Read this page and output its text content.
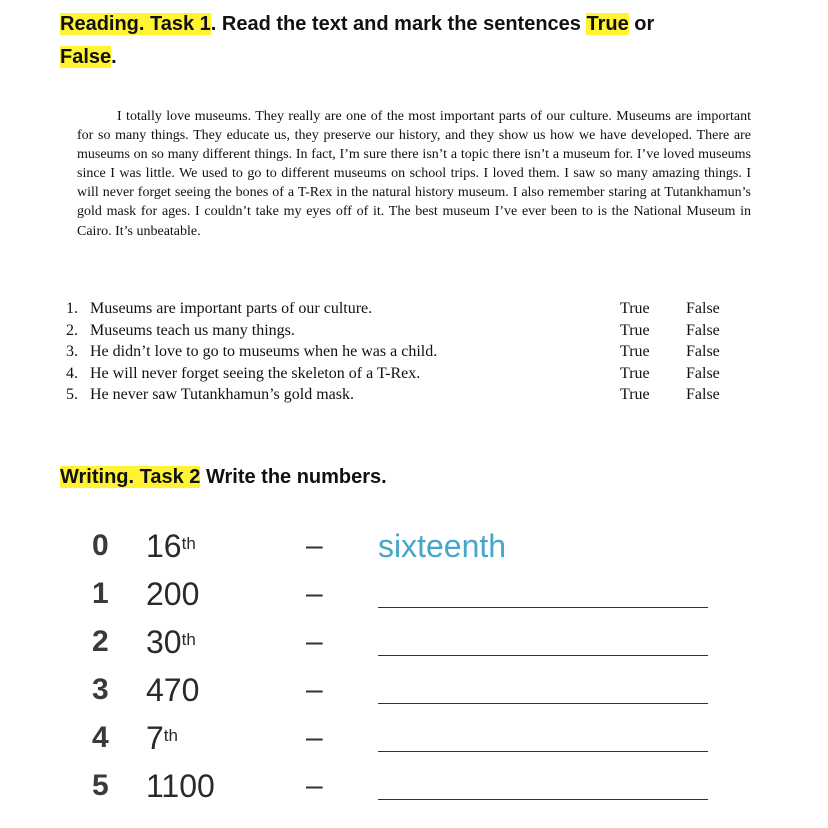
Reading. Task 1. Read the text and mark the sentences True or
False.

I totally love museums. They really are one of the most important parts of our culture. Museums are important for so many things. They educate us, they preserve our history, and they show us how we have developed. There are museums on so many different things. In fact, I’m sure there isn’t a topic there isn’t a museum for. I’ve loved museums since I was little. We used to go to different museums on school trips. I loved them. I saw so many amazing things. I will never forget seeing the bones of a T-Rex in the natural history museum. I also remember staring at Tutankhamun’s gold mask for ages. I couldn’t take my eyes off of it. The best museum I’ve ever been to is the National Museum in Cairo. It’s unbeatable.

1. Museums are important parts of our culture.	True False
2. Museums teach us many things.	True False
3. He didn’t love to go to museums when he was a child.	True False
4. He will never forget seeing the skeleton of a T-Rex.	True False
5. He never saw Tutankhamun’s gold mask.	True False
Writing. Task 2 Write the numbers.
0 16th	– sixteenth
1 200	–
2 30th	–
3 470	–
4 7th	–
5 1100	–
